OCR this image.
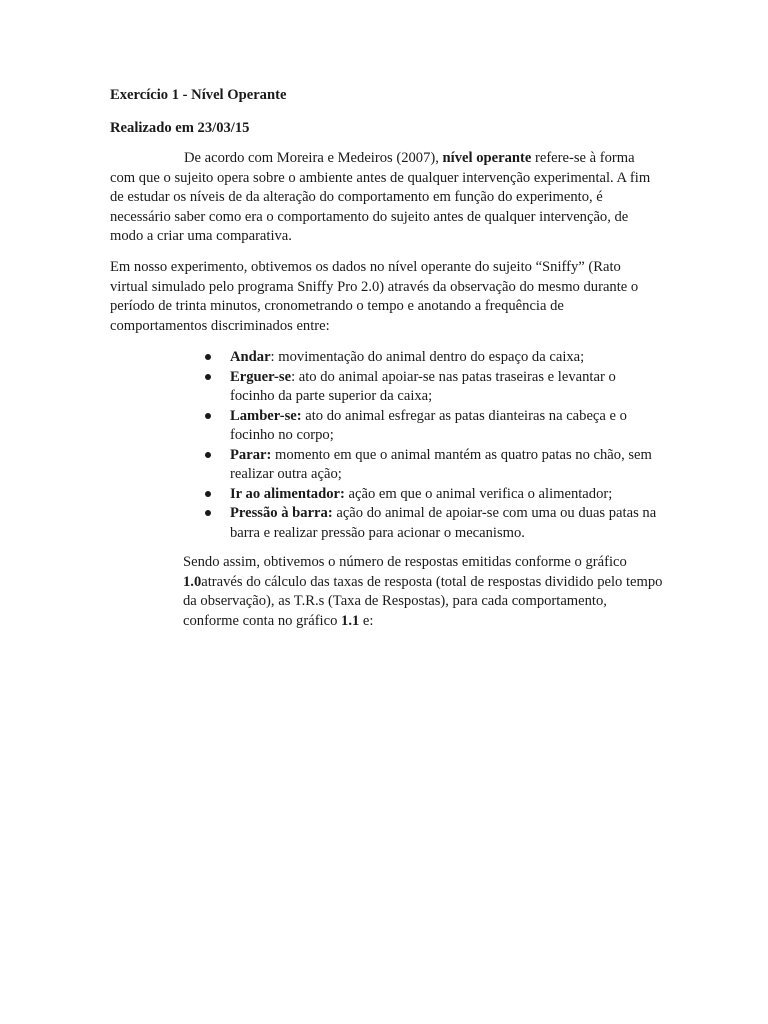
Exercício 1 - Nível Operante

Realizado em 23/03/15

De acordo com Moreira e Medeiros (2007), nível operante refere-se à forma com que o sujeito opera sobre o ambiente antes de qualquer intervenção experimental. A fim de estudar os níveis de da alteração do comportamento em função do experimento, é necessário saber como era o comportamento do sujeito antes de qualquer intervenção, de modo a criar uma comparativa.

Em nosso experimento, obtivemos os dados no nível operante do sujeito “Sniffy” (Rato virtual simulado pelo programa Sniffy Pro 2.0) através da observação do mesmo durante o período de trinta minutos, cronometrando o tempo e anotando a frequência de comportamentos discriminados entre:

Andar: movimentação do animal dentro do espaço da caixa;
Erguer-se: ato do animal apoiar-se nas patas traseiras e levantar o focinho da parte superior da caixa;
Lamber-se: ato do animal esfregar as patas dianteiras na cabeça e o focinho no corpo;
Parar: momento em que o animal mantém as quatro patas no chão, sem realizar outra ação;
Ir ao alimentador: ação em que o animal verifica o alimentador;
Pressão à barra: ação do animal de apoiar-se com uma ou duas patas na barra e realizar pressão para acionar o mecanismo.

Sendo assim, obtivemos o número de respostas emitidas conforme o gráfico 1.0através do cálculo das taxas de resposta (total de respostas dividido pelo tempo da observação), as T.R.s (Taxa de Respostas), para cada comportamento, conforme conta no gráfico 1.1 e:
